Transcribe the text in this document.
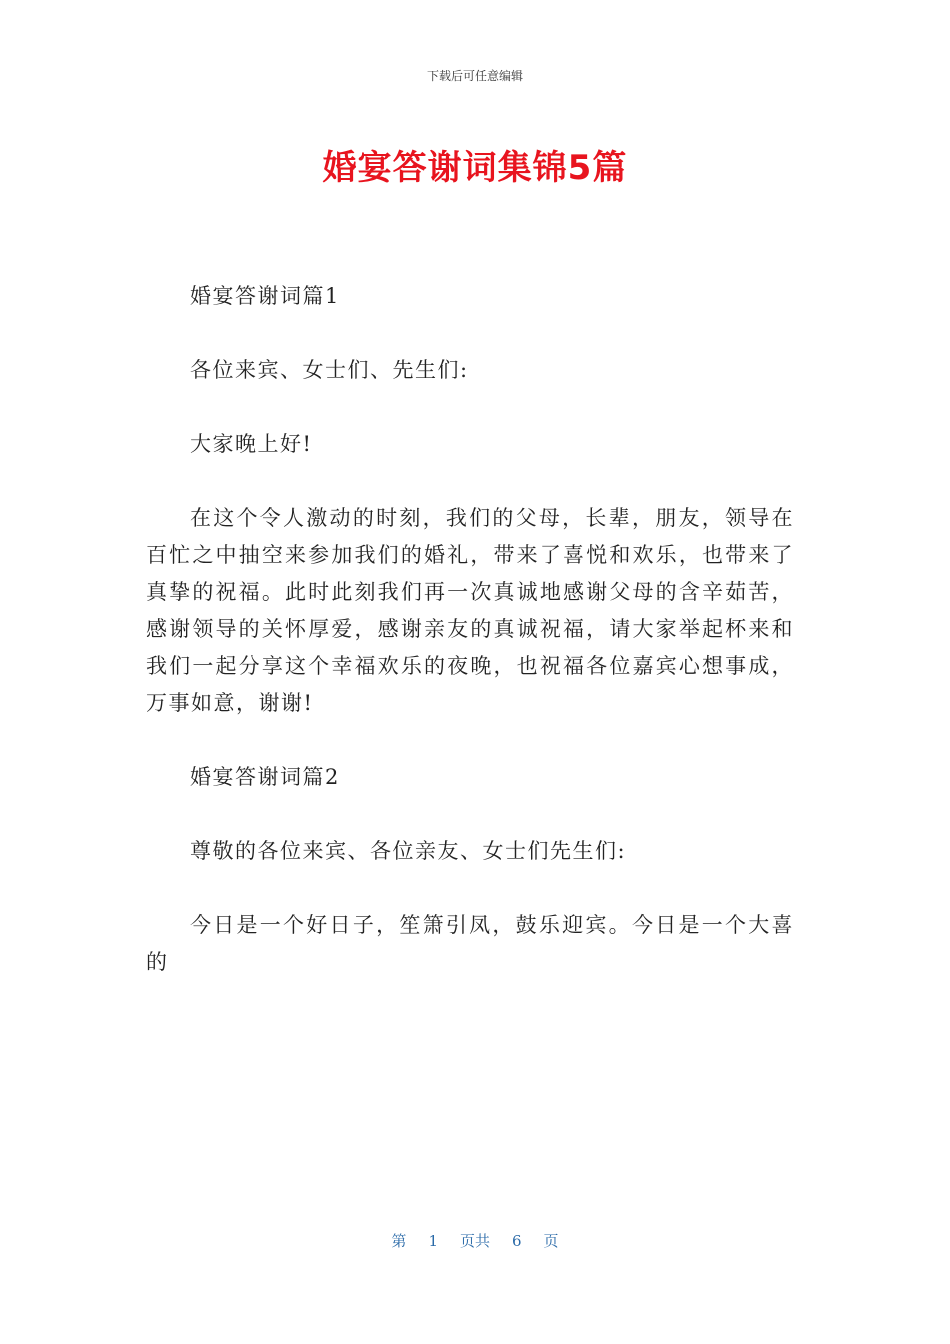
下载后可任意编辑
婚宴答谢词集锦5篇

婚宴答谢词篇1

各位来宾、女士们、先生们:

大家晚上好!

在这个令人激动的时刻，我们的父母，长辈，朋友，领导在百忙之中抽空来参加我们的婚礼，带来了喜悦和欢乐，也带来了真挚的祝福。此时此刻我们再一次真诚地感谢父母的含辛茹苦，感谢领导的关怀厚爱，感谢亲友的真诚祝福，请大家举起杯来和我们一起分享这个幸福欢乐的夜晚，也祝福各位嘉宾心想事成，万事如意，谢谢!

婚宴答谢词篇2

尊敬的各位来宾、各位亲友、女士们先生们:

今日是一个好日子，笙箫引凤，鼓乐迎宾。今日是一个大喜的

第 1 页共 6 页
